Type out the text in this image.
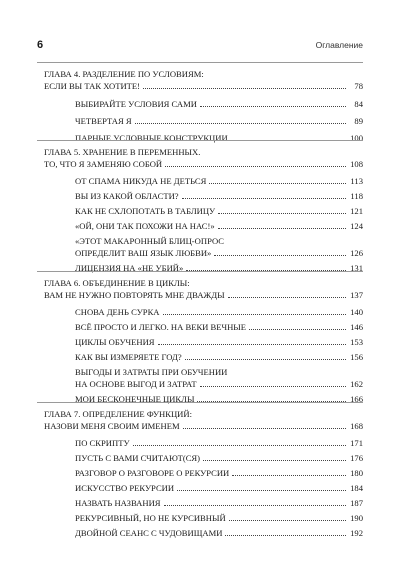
6	Оглавление
ГЛАВА 4. РАЗДЕЛЕНИЕ ПО УСЛОВИЯМ:
ЕСЛИ ВЫ ТАК ХОТИТЕ!	78
ВЫБИРАЙТЕ УСЛОВИЯ САМИ	84
ЧЕТВЕРТАЯ Я	89
ПАРНЫЕ УСЛОВНЫЕ КОНСТРУКЦИИ	100
ГЛАВА 5. ХРАНЕНИЕ В ПЕРЕМЕННЫХ.
ТО, ЧТО Я ЗАМЕНЯЮ СОБОЙ	108
ОТ СПАМА НИКУДА НЕ ДЕТЬСЯ	113
ВЫ ИЗ КАКОЙ ОБЛАСТИ?	118
КАК НЕ СХЛОПОТАТЬ В ТАБЛИЦУ	121
«ОЙ, ОНИ ТАК ПОХОЖИ НА НАС!»	124
«ЭТОТ МАКАРОННЫЙ БЛИЦ-ОПРОС
ОПРЕДЕЛИТ ВАШ ЯЗЫК ЛЮБВИ»	126
ЛИЦЕНЗИЯ НА «НЕ УБИЙ»	131
ГЛАВА 6. ОБЪЕДИНЕНИЕ В ЦИКЛЫ:
ВАМ НЕ НУЖНО ПОВТОРЯТЬ МНЕ ДВАЖДЫ	137
СНОВА ДЕНЬ СУРКА	140
ВСЁ ПРОСТО И ЛЕГКО. НА ВЕКИ ВЕЧНЫЕ	146
ЦИКЛЫ ОБУЧЕНИЯ	153
КАК ВЫ ИЗМЕРЯЕТЕ ГОД?	156
ВЫГОДЫ И ЗАТРАТЫ ПРИ ОБУЧЕНИИ
НА ОСНОВЕ ВЫГОД И ЗАТРАТ	162
МОИ БЕСКОНЕЧНЫЕ ЦИКЛЫ	166
ГЛАВА 7. ОПРЕДЕЛЕНИЕ ФУНКЦИЙ:
НАЗОВИ МЕНЯ СВОИМ ИМЕНЕМ	168
ПО СКРИПТУ	171
ПУСТЬ С ВАМИ СЧИТАЮТ(СЯ)	176
РАЗГОВОР О РАЗГОВОРЕ О РЕКУРСИИ	180
ИСКУССТВО РЕКУРСИИ	184
НАЗВАТЬ НАЗВАНИЯ	187
РЕКУРСИВНЫЙ, НО НЕ КУРСИВНЫЙ	190
ДВОЙНОЙ СЕАНС С ЧУДОВИЩАМИ	192
